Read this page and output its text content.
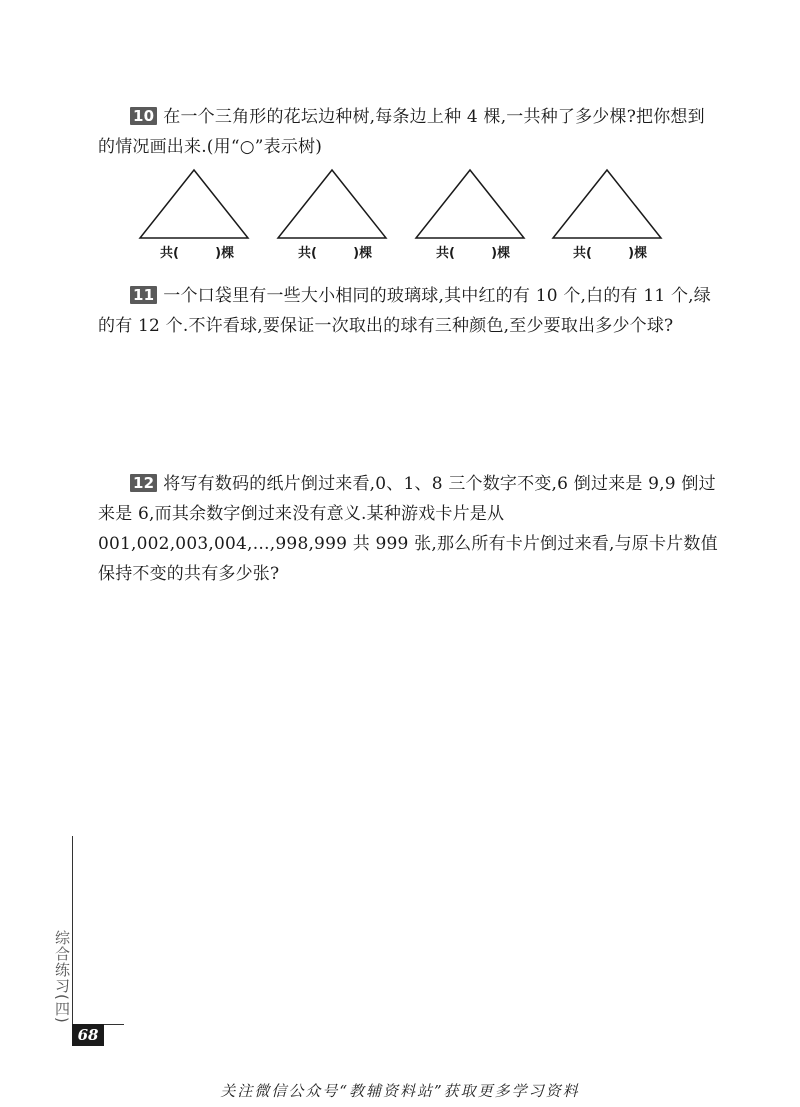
10 在一个三角形的花坛边种树,每条边上种 4 棵,一共种了多少棵?把你想到的情况画出来.(用“○”表示树)
共(        )棵	共(        )棵	共(        )棵	共(        )棵
11 一个口袋里有一些大小相同的玻璃球,其中红的有 10 个,白的有 11 个,绿的有 12 个.不许看球,要保证一次取出的球有三种颜色,至少要取出多少个球?
12 将写有数码的纸片倒过来看,0、1、8 三个数字不变,6 倒过来是 9,9 倒过来是 6,而其余数字倒过来没有意义.某种游戏卡片是从 001,002,003,004,…,998,999 共 999 张,那么所有卡片倒过来看,与原卡片数值保持不变的共有多少张?
综合练习(四)
68
关注微信公众号“教辅资料站”获取更多学习资料
